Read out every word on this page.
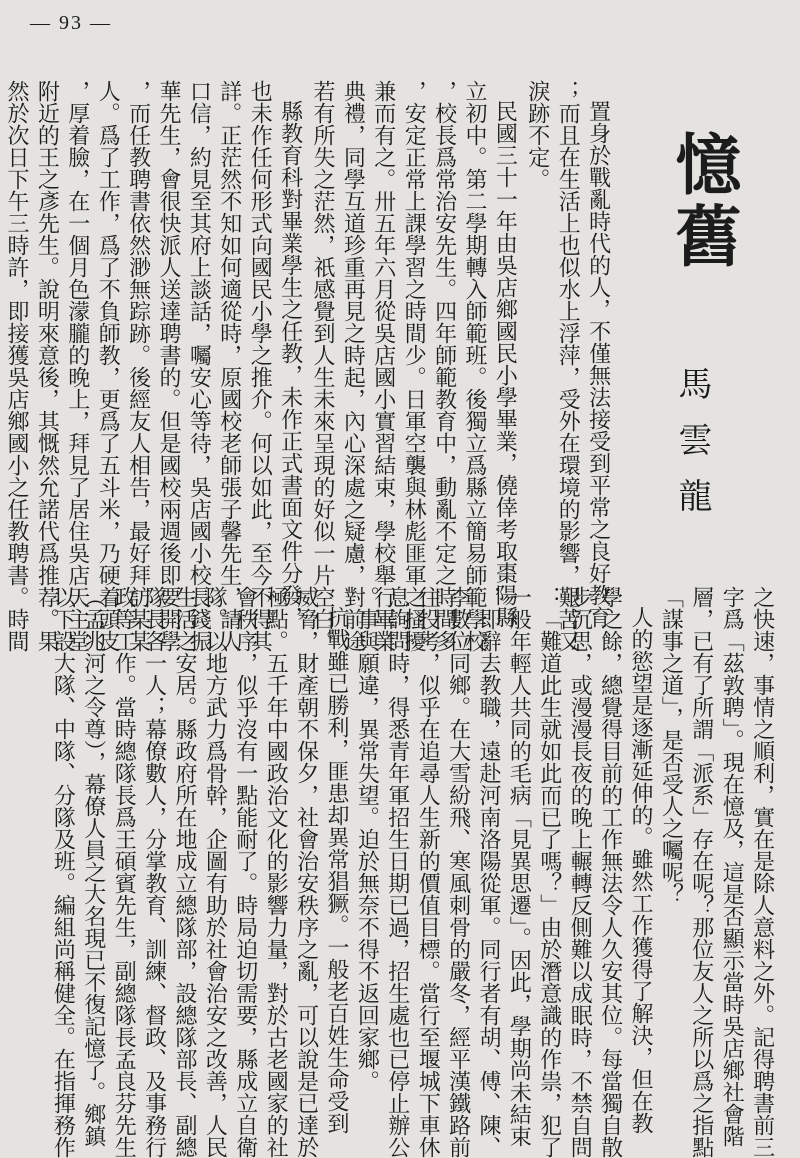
— 93 —
憶舊
馬雲龍
置身於戰亂時代的人，不僅無法接受到平常之良好教育
；而且在生活上也似水上浮萍，受外在環境的影響，艱苦又
淚跡不定。
民國三十一年由吳店鄉國民小學畢業，僥倖考取棗陽縣
立初中。第二學期轉入師範班。後獨立爲縣立簡易師範學校
，校長爲常治安先生。四年師範教育中，動亂不定之時間多
，安定正常上課學習之時間少。日軍空襲與林彪匪軍之搔擾
兼而有之。卅五年六月從吳店國小實習結束，學校舉行畢業
典禮，同學互道珍重再見之時起，內心深處之疑慮，對前途
若有所失之茫然，祇感覺到人生未來呈現的好似一片空白。
縣教育科對畢業學生之任教，未作正式書面文件分發，
也未作任何形式向國民小學之推介。何以如此，至今不得其
詳。正茫然不知如何適從時，原國校老師張子馨先生，請人
口信，約見至其府上談話，囑安心等待，吳店國小校長錢振
華先生，會很快派人送達聘書的。但是國校兩週後即要開學
，而任教聘書依然渺無踪跡。後經友人相告，最好拜訪某某
人。爲了工作，爲了不負師教，更爲了五斗米，乃硬着頭皮
，厚着臉，在一個月色濛朧的晚上，拜見了居住吳店天主堂
附近的王之彥先生。說明來意後，其慨然允諾代爲推荐。果
然於次日下午三時許，即接獲吳店鄉國小之任教聘書。時間
之快速，事情之順利，實在是除人意料之外。記得聘書前三
字爲「茲敦聘」。現在憶及，這是否顯示當時吳店鄉社會階
層，已有了所謂「派系」存在呢？那位友人之所以爲之指點
「謀事之道」，是否受人之囑呢？
人的慾望是逐漸延伸的。雖然工作獲得了解決，但在教
學之餘，總覺得目前的工作無法令人久安其位。每當獨自散
步沉思，或漫漫長夜的晚上輾轉反側難以成眠時，不禁自問
：「難道此生就如此而已了嗎？」由於潛意識的作祟，犯了
一般年輕人共同的毛病「見異思遷」。因此，學期尚未結束
，即辭去教職，遠赴河南洛陽從軍。同行者有胡、傅、陳、
李數位同鄉。在大雪紛飛、寒風刺骨的嚴冬，經平漢鐵路前
往投考，似乎在追尋人生新的價值目標。當行至堰城下車休
息詢問時，得悉青年軍招生日期已過，招生處也已停止辦公
。事與願違，異常失望。迫於無奈不得不返回家鄉。
抗戰雖已勝利，匪患却異常猖獗。一般老百姓生命受到
威脅，財產朝不保夕，社會治安秩序之亂，可以說是已達於
極點。五千年中國政治文化的影響力量，對於古老國家的社
會秩序，似乎沒有一點能耐了。時局迫切需要，縣成立自衛
隊。以地方武力爲骨幹，企圖有助於社會治安之改善，人民
生活之安居。縣政府所在地成立總隊部，設總隊部長、副總
隊長各一人；幕僚數人，分掌教育、訓練、督政、及事務行
政等工作。當時總隊長爲王碩賓先生，副總隊長孟良芬先生
（孟兆河之令尊），幕僚人員之大名現已不復記憶了。鄉鎮
以下設大隊、中隊、分隊及班。編組尚稱健全。在指揮務作
